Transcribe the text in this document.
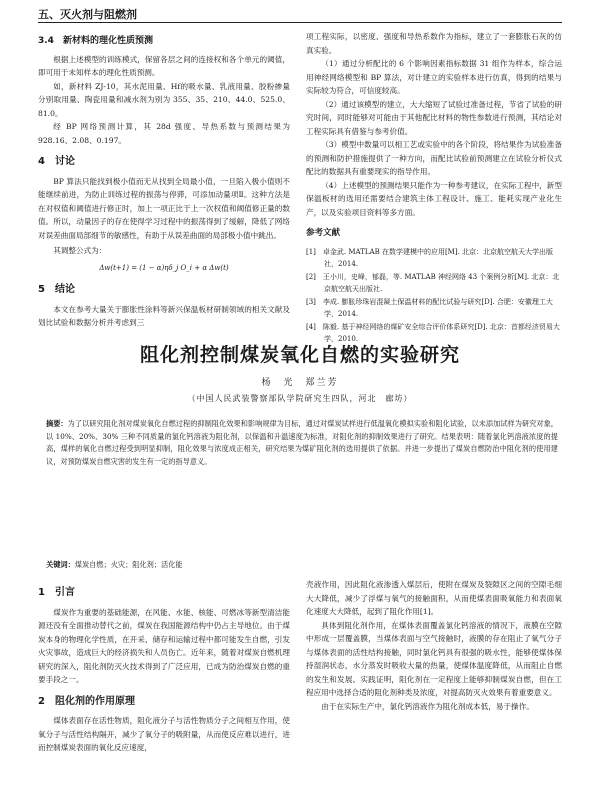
五、灭火剂与阻燃剂
3.4　新材料的理化性质预测

根据上述模型的训练模式，保留各层之间的连接权和各个单元的阈值，即可用于未知样本的理化性质预测。

如，新材料 ZJ-10，其水泥用量、Hf的吸水量、乳液用量、胶粉掺量分别取用量、陶瓷用量和减水剂为别为 355、35、210、44.0、525.0、81.0。

经 BP 网络预测计算，其 28d 强度、导热系数与预测结果为 928.16、2.08、0.197。

4　讨论

BP 算法只能找到极小值而无从找到全局最小值，一旦陷入极小值则不能继续前进，为防止训练过程的振荡与停滞，可添加动量项Ⅱ。这种方法是在对权值和阈值进行修正时，加上一项正比于上一次权值和阈值修正量的数值。所以，动量因子的存在使得学习过程中的振荡得到了缓解，降低了网络对误差曲面局部细节的敏感性，有助于从误差曲面的局部极小值中跳出。

其调整公式为：

Δw(t+1) = (1 − α)ηδ_j O_i + α Δw(t)
5　结论

本文在参考大量关于膨胀性涂料等新兴保温板材研制领域的相关文献及划比试验和数据分析并考虑到三

项工程实际，以密度、强度和导热系数作为指标，建立了一套膨胀石灰的仿真实验。

（1）通过分析配比的 6 个影响因素指标数据 31 组作为样本，综合运用神经网络模型和 BP 算法，对计建立的实验样本进行仿真，得到的结果与实际较为符合，可信度较高。

（2）通过该模型的建立，大大缩短了试验过准备过程，节省了试验的研究时间，同时能够对可能由于其他配比材料的物性参数进行预测，其结论对工程实际具有借鉴与参考价值。

（3）模型中数量可以相工艺或实验中的各个阶段，将结果作为试验准备的预测和防护措施提供了一种方向，而配比试验前预测建立在试验分析仪式配比的数据具有重要现实的指导作用。

（4）上述模型的预测结果只能作为一种参考建议，在实际工程中，新型保温板材的选用还需要结合建筑主体工程设计、施工、能耗实现产业化生产，以及实验项目资料等多方面。

参考文献
[1]　卓金武. MATLAB 在数学建模中的应用[M]. 北京：北京航空航天大学出版社，2014.
[2]　王小川，史峰，郁磊，等. MATLAB 神经网络 43 个案例分析[M]. 北京：北京航空航天出版社.
[3]　李成. 膨胀珍珠岩混凝土保温材料的配比试验与研究[D]. 合肥：安徽理工大学，2014.
[4]　陈毅. 基于神经网络的煤矿安全综合评价体系研究[D]. 北京：首都经济贸易大学，2010.
阻化剂控制煤炭氧化自燃的实验研究
杨　光　郑兰芳
（中国人民武装警察部队学院研究生四队，河北　廊坊）
摘要：为了以研究阻化剂对煤炭氧化自燃过程的抑制阻化效果和影响规律为目标，通过对煤炭试样进行低温氧化模拟实验和阻化试验，以未添加试样为研究对象，以 10%、20%、30% 三种不同质量的氯化钙溶液为阻化剂，以保温和升温速度为标准，对阻化剂的抑制效果进行了研究。结果表明：随着氯化钙溶液浓度的提高，煤样的氧化自燃过程受到明显抑制，阻化效果与浓度成正相关，研究结果为煤矿阻化剂的选用提供了依据。并进一步提出了煤炭自燃防治中阻化剂的使用建议，对预防煤炭自燃灾害的发生有一定的指导意义。
关键词：煤炭自燃；火灾；阻化剂；活化能
1　引言

煤炭作为重要的基础能源，在风能、水能、核能、可燃冰等新型清洁能源还没有全面推动替代之前，煤炭在我国能源结构中仍占主导地位。由于煤炭本身的物理化学性质，在开采、储存和运输过程中都可能发生自燃，引发火灾事故，造成巨大的经济损失和人员伤亡。近年来，随着对煤炭自燃机理研究的深入，阻化剂防灭火技术得到了广泛应用，已成为防治煤炭自燃的重要手段之一。

2　阻化剂的作用原理

煤体表面存在活性物质，阻化液分子与活性物质分子之间相互作用，使氧分子与活性结构隔开，减少了氧分子的吸附量，从而使反应难以进行，进而控制煤炭表面的氧化反应速度，

壳液作用，因此阻化液渗透入煤层后，使附在煤炭及裂隙区之间的空隙毛细大大降低，减少了浮煤与氧气的接触面积，从而使煤表面吸氧能力和表面氧化速度大大降低，起到了阻化作用[1]。

具体到阻化剂作用，在煤体表面覆盖氯化钙溶液的情况下，液膜在空隙中形成一层覆盖膜，当煤体表面与空气接触时，液膜的存在阻止了氧气分子与煤体表面的活性结构接触，同时氯化钙具有很强的吸水性，能够使煤体保持湿润状态，水分蒸发时吸收大量的热量，使煤体温度降低，从而阻止自燃的发生和发展。实践证明，阻化剂在一定程度上能够抑制煤炭自燃，但在工程应用中选择合适的阻化剂种类及浓度，对提高防灭火效果有着重要意义。

由于在实际生产中，氯化钙溶液作为阻化剂成本低，易于操作。
